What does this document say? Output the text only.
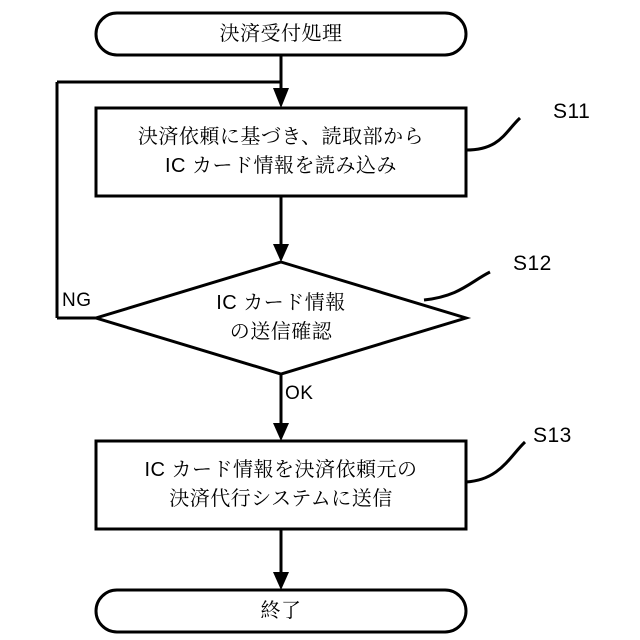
決済受付処理
決済依頼に基づき、読取部から
IC カード情報を読み込み
IC カード情報
の送信確認
IC カード情報を決済依頼元の
決済代行システムに送信
終了
S11
S12
S13
NG
OK
